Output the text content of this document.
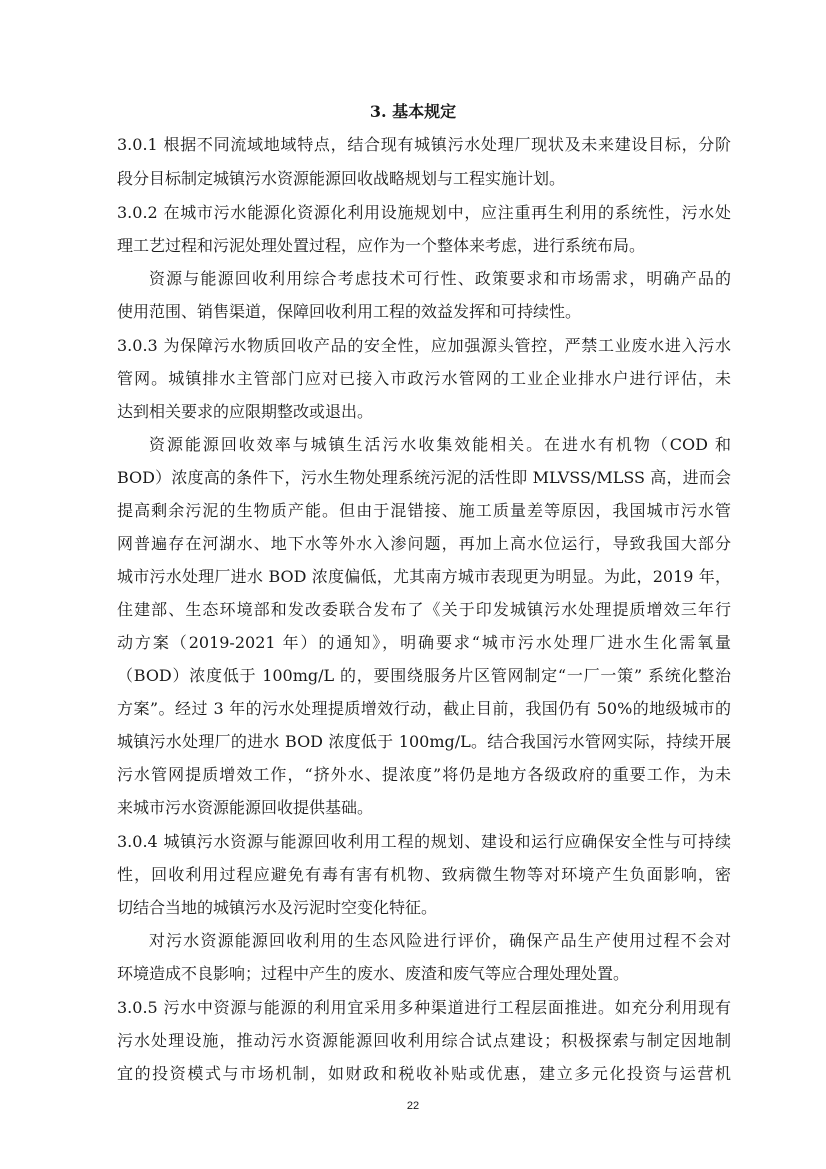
3. 基本规定
3.0.1 根据不同流域地域特点，结合现有城镇污水处理厂现状及未来建设目标，分阶
段分目标制定城镇污水资源能源回收战略规划与工程实施计划。
3.0.2 在城市污水能源化资源化利用设施规划中，应注重再生利用的系统性，污水处
理工艺过程和污泥处理处置过程，应作为一个整体来考虑，进行系统布局。
资源与能源回收利用综合考虑技术可行性、政策要求和市场需求，明确产品的
使用范围、销售渠道，保障回收利用工程的效益发挥和可持续性。
3.0.3 为保障污水物质回收产品的安全性，应加强源头管控，严禁工业废水进入污水
管网。城镇排水主管部门应对已接入市政污水管网的工业企业排水户进行评估，未
达到相关要求的应限期整改或退出。
资源能源回收效率与城镇生活污水收集效能相关。在进水有机物（COD 和
BOD）浓度高的条件下，污水生物处理系统污泥的活性即 MLVSS/MLSS 高，进而会
提高剩余污泥的生物质产能。但由于混错接、施工质量差等原因，我国城市污水管
网普遍存在河湖水、地下水等外水入渗问题，再加上高水位运行，导致我国大部分
城市污水处理厂进水 BOD 浓度偏低，尤其南方城市表现更为明显。为此，2019 年，
住建部、生态环境部和发改委联合发布了《关于印发城镇污水处理提质增效三年行
动方案（2019-2021 年）的通知》，明确要求“城市污水处理厂进水生化需氧量
（BOD）浓度低于 100mg/L 的，要围绕服务片区管网制定“一厂一策” 系统化整治
方案”。经过 3 年的污水处理提质增效行动，截止目前，我国仍有 50%的地级城市的
城镇污水处理厂的进水 BOD 浓度低于 100mg/L。结合我国污水管网实际，持续开展
污水管网提质增效工作，“挤外水、提浓度”将仍是地方各级政府的重要工作，为未
来城市污水资源能源回收提供基础。
3.0.4 城镇污水资源与能源回收利用工程的规划、建设和运行应确保安全性与可持续
性，回收利用过程应避免有毒有害有机物、致病微生物等对环境产生负面影响，密
切结合当地的城镇污水及污泥时空变化特征。
对污水资源能源回收利用的生态风险进行评价，确保产品生产使用过程不会对
环境造成不良影响；过程中产生的废水、废渣和废气等应合理处理处置。
3.0.5 污水中资源与能源的利用宜采用多种渠道进行工程层面推进。如充分利用现有
污水处理设施，推动污水资源能源回收利用综合试点建设；积极探索与制定因地制
宜的投资模式与市场机制，如财政和税收补贴或优惠，建立多元化投资与运营机
22
